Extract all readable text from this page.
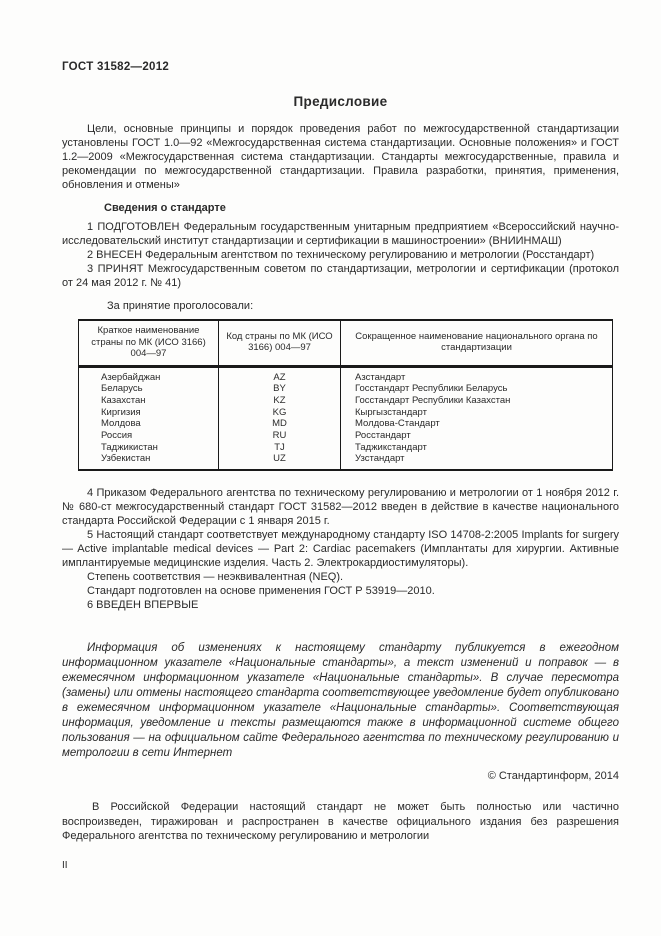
ГОСТ 31582—2012
Предисловие

Цели, основные принципы и порядок проведения работ по межгосударственной стандартизации установлены ГОСТ 1.0—92 «Межгосударственная система стандартизации. Основные положения» и ГОСТ 1.2—2009 «Межгосударственная система стандартизации. Стандарты межгосударственные, правила и рекомендации по межгосударственной стандартизации. Правила разработки, принятия, применения, обновления и отмены»

Сведения о стандарте

1 ПОДГОТОВЛЕН Федеральным государственным унитарным предприятием «Всероссийский научно-исследовательский институт стандартизации и сертификации в машиностроении» (ВНИИНМАШ)

2 ВНЕСЕН Федеральным агентством по техническому регулированию и метрологии (Росстандарт)

3 ПРИНЯТ Межгосударственным советом по стандартизации, метрологии и сертификации (протокол от 24 мая 2012 г. № 41)

За принятие проголосовали:

Краткое наименование страны по МК (ИСО 3166) 004—97	Код страны по МК (ИСО 3166) 004—97	Сокращенное наименование национального органа по стандартизации
Азербайджан	AZ	Азстандарт
Беларусь	BY	Госстандарт Республики Беларусь
Казахстан	KZ	Госстандарт Республики Казахстан
Киргизия	KG	Кыргызстандарт
Молдова	MD	Молдова-Стандарт
Россия	RU	Росстандарт
Таджикистан	TJ	Таджикстандарт
Узбекистан	UZ	Узстандарт

4 Приказом Федерального агентства по техническому регулированию и метрологии от 1 ноября 2012 г. № 680-ст межгосударственный стандарт ГОСТ 31582—2012 введен в действие в качестве национального стандарта Российской Федерации с 1 января 2015 г.

5 Настоящий стандарт соответствует международному стандарту ISO 14708-2:2005 Implants for surgery — Active implantable medical devices — Part 2: Cardiac pacemakers (Имплантаты для хирургии. Активные имплантируемые медицинские изделия. Часть 2. Электрокардиостимуляторы).

Степень соответствия — неэквивалентная (NEQ).

Стандарт подготовлен на основе применения ГОСТ Р 53919—2010.

6 ВВЕДЕН ВПЕРВЫЕ

Информация об изменениях к настоящему стандарту публикуется в ежегодном информационном указателе «Национальные стандарты», а текст изменений и поправок — в ежемесячном информационном указателе «Национальные стандарты». В случае пересмотра (замены) или отмены настоящего стандарта соответствующее уведомление будет опубликовано в ежемесячном информационном указателе «Национальные стандарты». Соответствующая информация, уведомление и тексты размещаются также в информационной системе общего пользования — на официальном сайте Федерального агентства по техническому регулированию и метрологии в сети Интернет

© Стандартинформ, 2014

В Российской Федерации настоящий стандарт не может быть полностью или частично воспроизведен, тиражирован и распространен в качестве официального издания без разрешения Федерального агентства по техническому регулированию и метрологии

II
